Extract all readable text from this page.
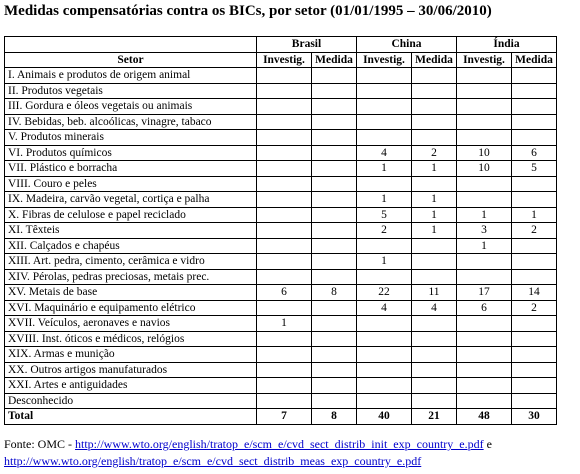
Medidas compensatórias contra os BICs, por setor (01/01/1995 – 30/06/2010)
	Brasil		China		Índia	
Setor	Investig.	Medida	Investig.	Medida	Investig.	Medida
I. Animais e produtos de origem animal						
II. Produtos vegetais						
III. Gordura e óleos vegetais ou animais						
IV. Bebidas, beb. alcoólicas, vinagre, tabaco						
V. Produtos minerais						
VI. Produtos químicos			4	2	10	6
VII. Plástico e borracha			1	1	10	5
VIII. Couro e peles						
IX. Madeira, carvão vegetal, cortiça e palha			1	1		
X. Fibras de celulose e papel reciclado			5	1	1	1
XI. Têxteis			2	1	3	2
XII. Calçados e chapéus					1	
XIII. Art. pedra, cimento, cerâmica e vidro			1			
XIV. Pérolas, pedras preciosas, metais prec.						
XV. Metais de base	6	8	22	11	17	14
XVI. Maquinário e equipamento elétrico			4	4	6	2
XVII. Veículos, aeronaves e navios	1					
XVIII. Inst. óticos e médicos, relógios						
XIX. Armas e munição						
XX. Outros artigos manufaturados						
XXI. Artes e antiguidades						
Desconhecido						
Total	7	8	40	21	48	30
Fonte: OMC - http://www.wto.org/english/tratop_e/scm_e/cvd_sect_distrib_init_exp_country_e.pdf e
http://www.wto.org/english/tratop_e/scm_e/cvd_sect_distrib_meas_exp_country_e.pdf
